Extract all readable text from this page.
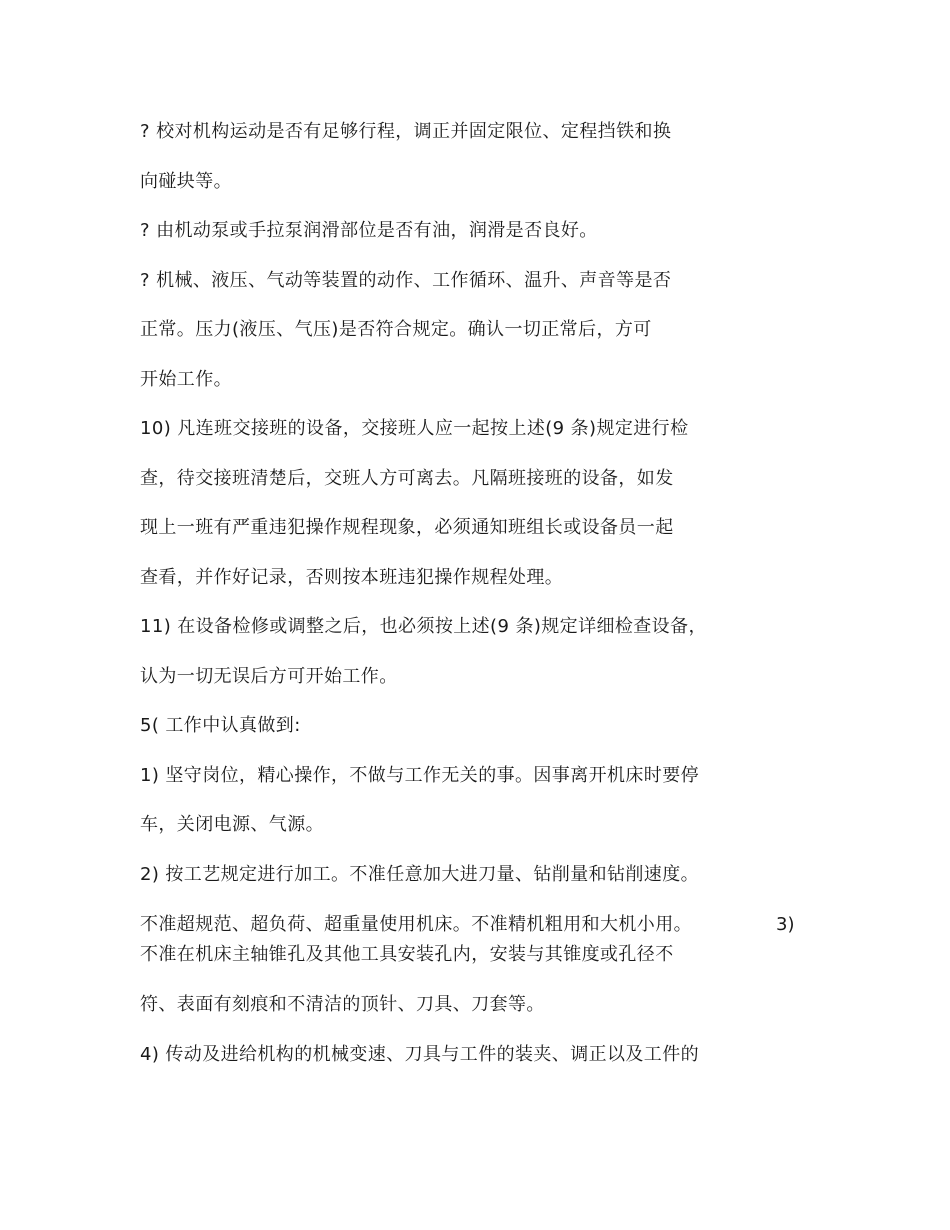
? 校对机构运动是否有足够行程，调正并固定限位、定程挡铁和换
向碰块等。
? 由机动泵或手拉泵润滑部位是否有油，润滑是否良好。
? 机械、液压、气动等装置的动作、工作循环、温升、声音等是否
正常。压力(液压、气压)是否符合规定。确认一切正常后，方可
开始工作。
10) 凡连班交接班的设备，交接班人应一起按上述(9 条)规定进行检
查，待交接班清楚后，交班人方可离去。凡隔班接班的设备，如发
现上一班有严重违犯操作规程现象，必须通知班组长或设备员一起
查看，并作好记录，否则按本班违犯操作规程处理。
11) 在设备检修或调整之后，也必须按上述(9 条)规定详细检查设备，
认为一切无误后方可开始工作。
5( 工作中认真做到:
1) 坚守岗位，精心操作，不做与工作无关的事。因事离开机床时要停
车，关闭电源、气源。
2) 按工艺规定进行加工。不准任意加大进刀量、钻削量和钻削速度。
不准超规范、超负荷、超重量使用机床。不准精机粗用和大机小用。	3)
不准在机床主轴锥孔及其他工具安装孔内，安装与其锥度或孔径不
符、表面有刻痕和不清洁的顶针、刀具、刀套等。
4) 传动及进给机构的机械变速、刀具与工件的装夹、调正以及工件的
